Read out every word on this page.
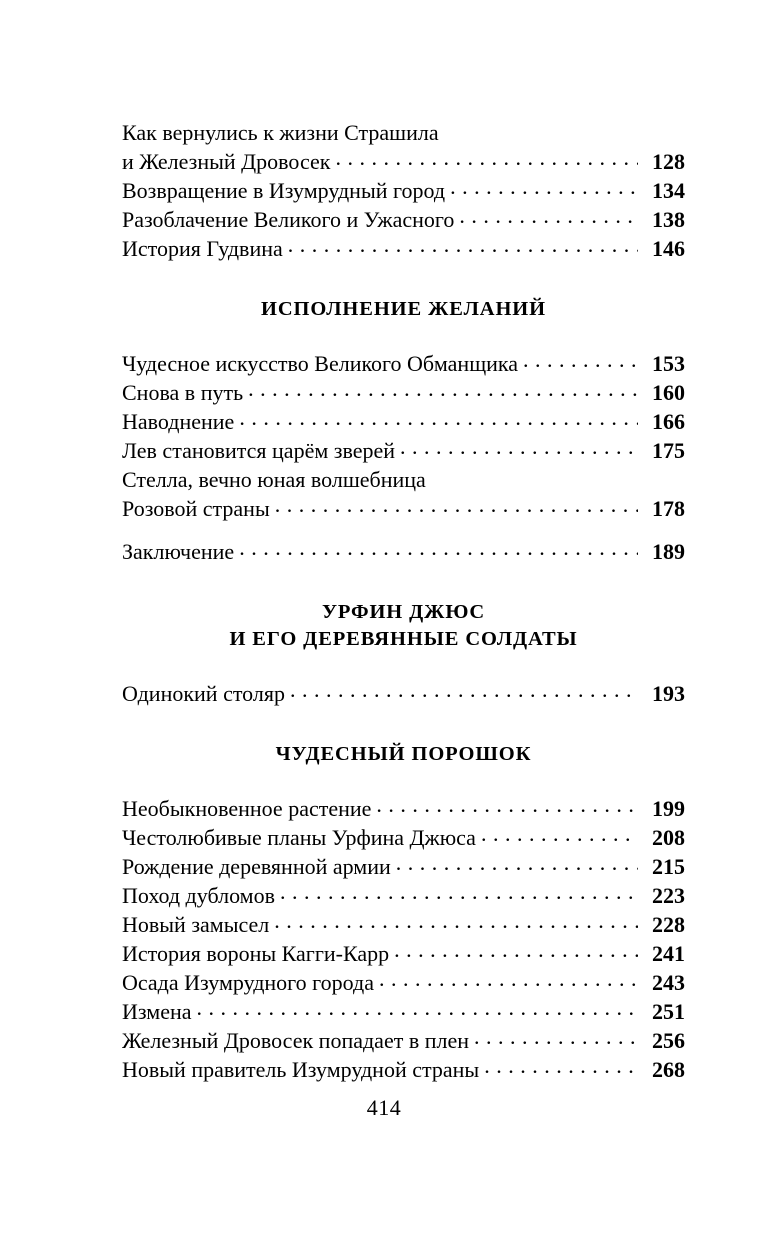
Как вернулись к жизни Страшила
и Железный Дровосек . . .	128
Возвращение в Изумрудный город . . .	134
Разоблачение Великого и Ужасного . . .	138
История Гудвина . . .	146
ИСПОЛНЕНИЕ ЖЕЛАНИЙ
Чудесное искусство Великого Обманщика . . .	153
Снова в путь . . .	160
Наводнение . . .	166
Лев становится царём зверей . . .	175
Стелла, вечно юная волшебница
Розовой страны . . .	178
Заключение . . .	189
УРФИН ДЖЮС
И ЕГО ДЕРЕВЯННЫЕ СОЛДАТЫ
Одинокий столяр . . .	193
ЧУДЕСНЫЙ ПОРОШОК
Необыкновенное растение . . .	199
Честолюбивые планы Урфина Джюса . . .	208
Рождение деревянной армии . . .	215
Поход дубломов . . .	223
Новый замысел . . .	228
История вороны Кагги-Карр . . .	241
Осада Изумрудного города . . .	243
Измена . . .	251
Железный Дровосек попадает в плен . . .	256
Новый правитель Изумрудной страны . . .	268
414
